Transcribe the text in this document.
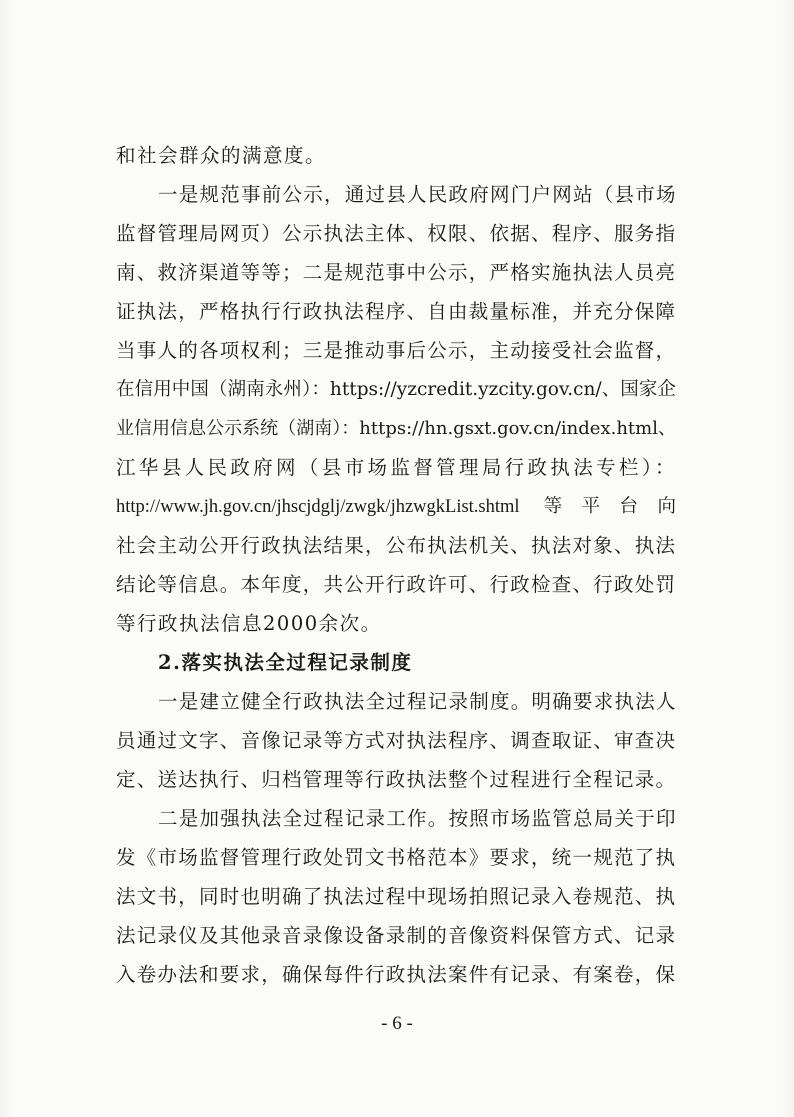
和社会群众的满意度。
一是规范事前公示，通过县人民政府网门户网站（县市场
监督管理局网页）公示执法主体、权限、依据、程序、服务指
南、救济渠道等等；二是规范事中公示，严格实施执法人员亮
证执法，严格执行行政执法程序、自由裁量标准，并充分保障
当事人的各项权利；三是推动事后公示，主动接受社会监督，
在信用中国（湖南永州）：https://yzcredit.yzcity.gov.cn/、国家企
业信用信息公示系统（湖南）：https://hn.gsxt.gov.cn/index.html、
江华县人民政府网（县市场监督管理局行政执法专栏）：
http://www.jh.gov.cn/jhscjdglj/zwgk/jhzwgkList.shtml 等平台向
社会主动公开行政执法结果，公布执法机关、执法对象、执法
结论等信息。本年度，共公开行政许可、行政检查、行政处罚
等行政执法信息2000余次。
2.落实执法全过程记录制度
一是建立健全行政执法全过程记录制度。明确要求执法人
员通过文字、音像记录等方式对执法程序、调查取证、审查决
定、送达执行、归档管理等行政执法整个过程进行全程记录。
二是加强执法全过程记录工作。按照市场监管总局关于印
发《市场监督管理行政处罚文书格范本》要求，统一规范了执
法文书，同时也明确了执法过程中现场拍照记录入卷规范、执
法记录仪及其他录音录像设备录制的音像资料保管方式、记录
入卷办法和要求，确保每件行政执法案件有记录、有案卷，保
- 6 -
